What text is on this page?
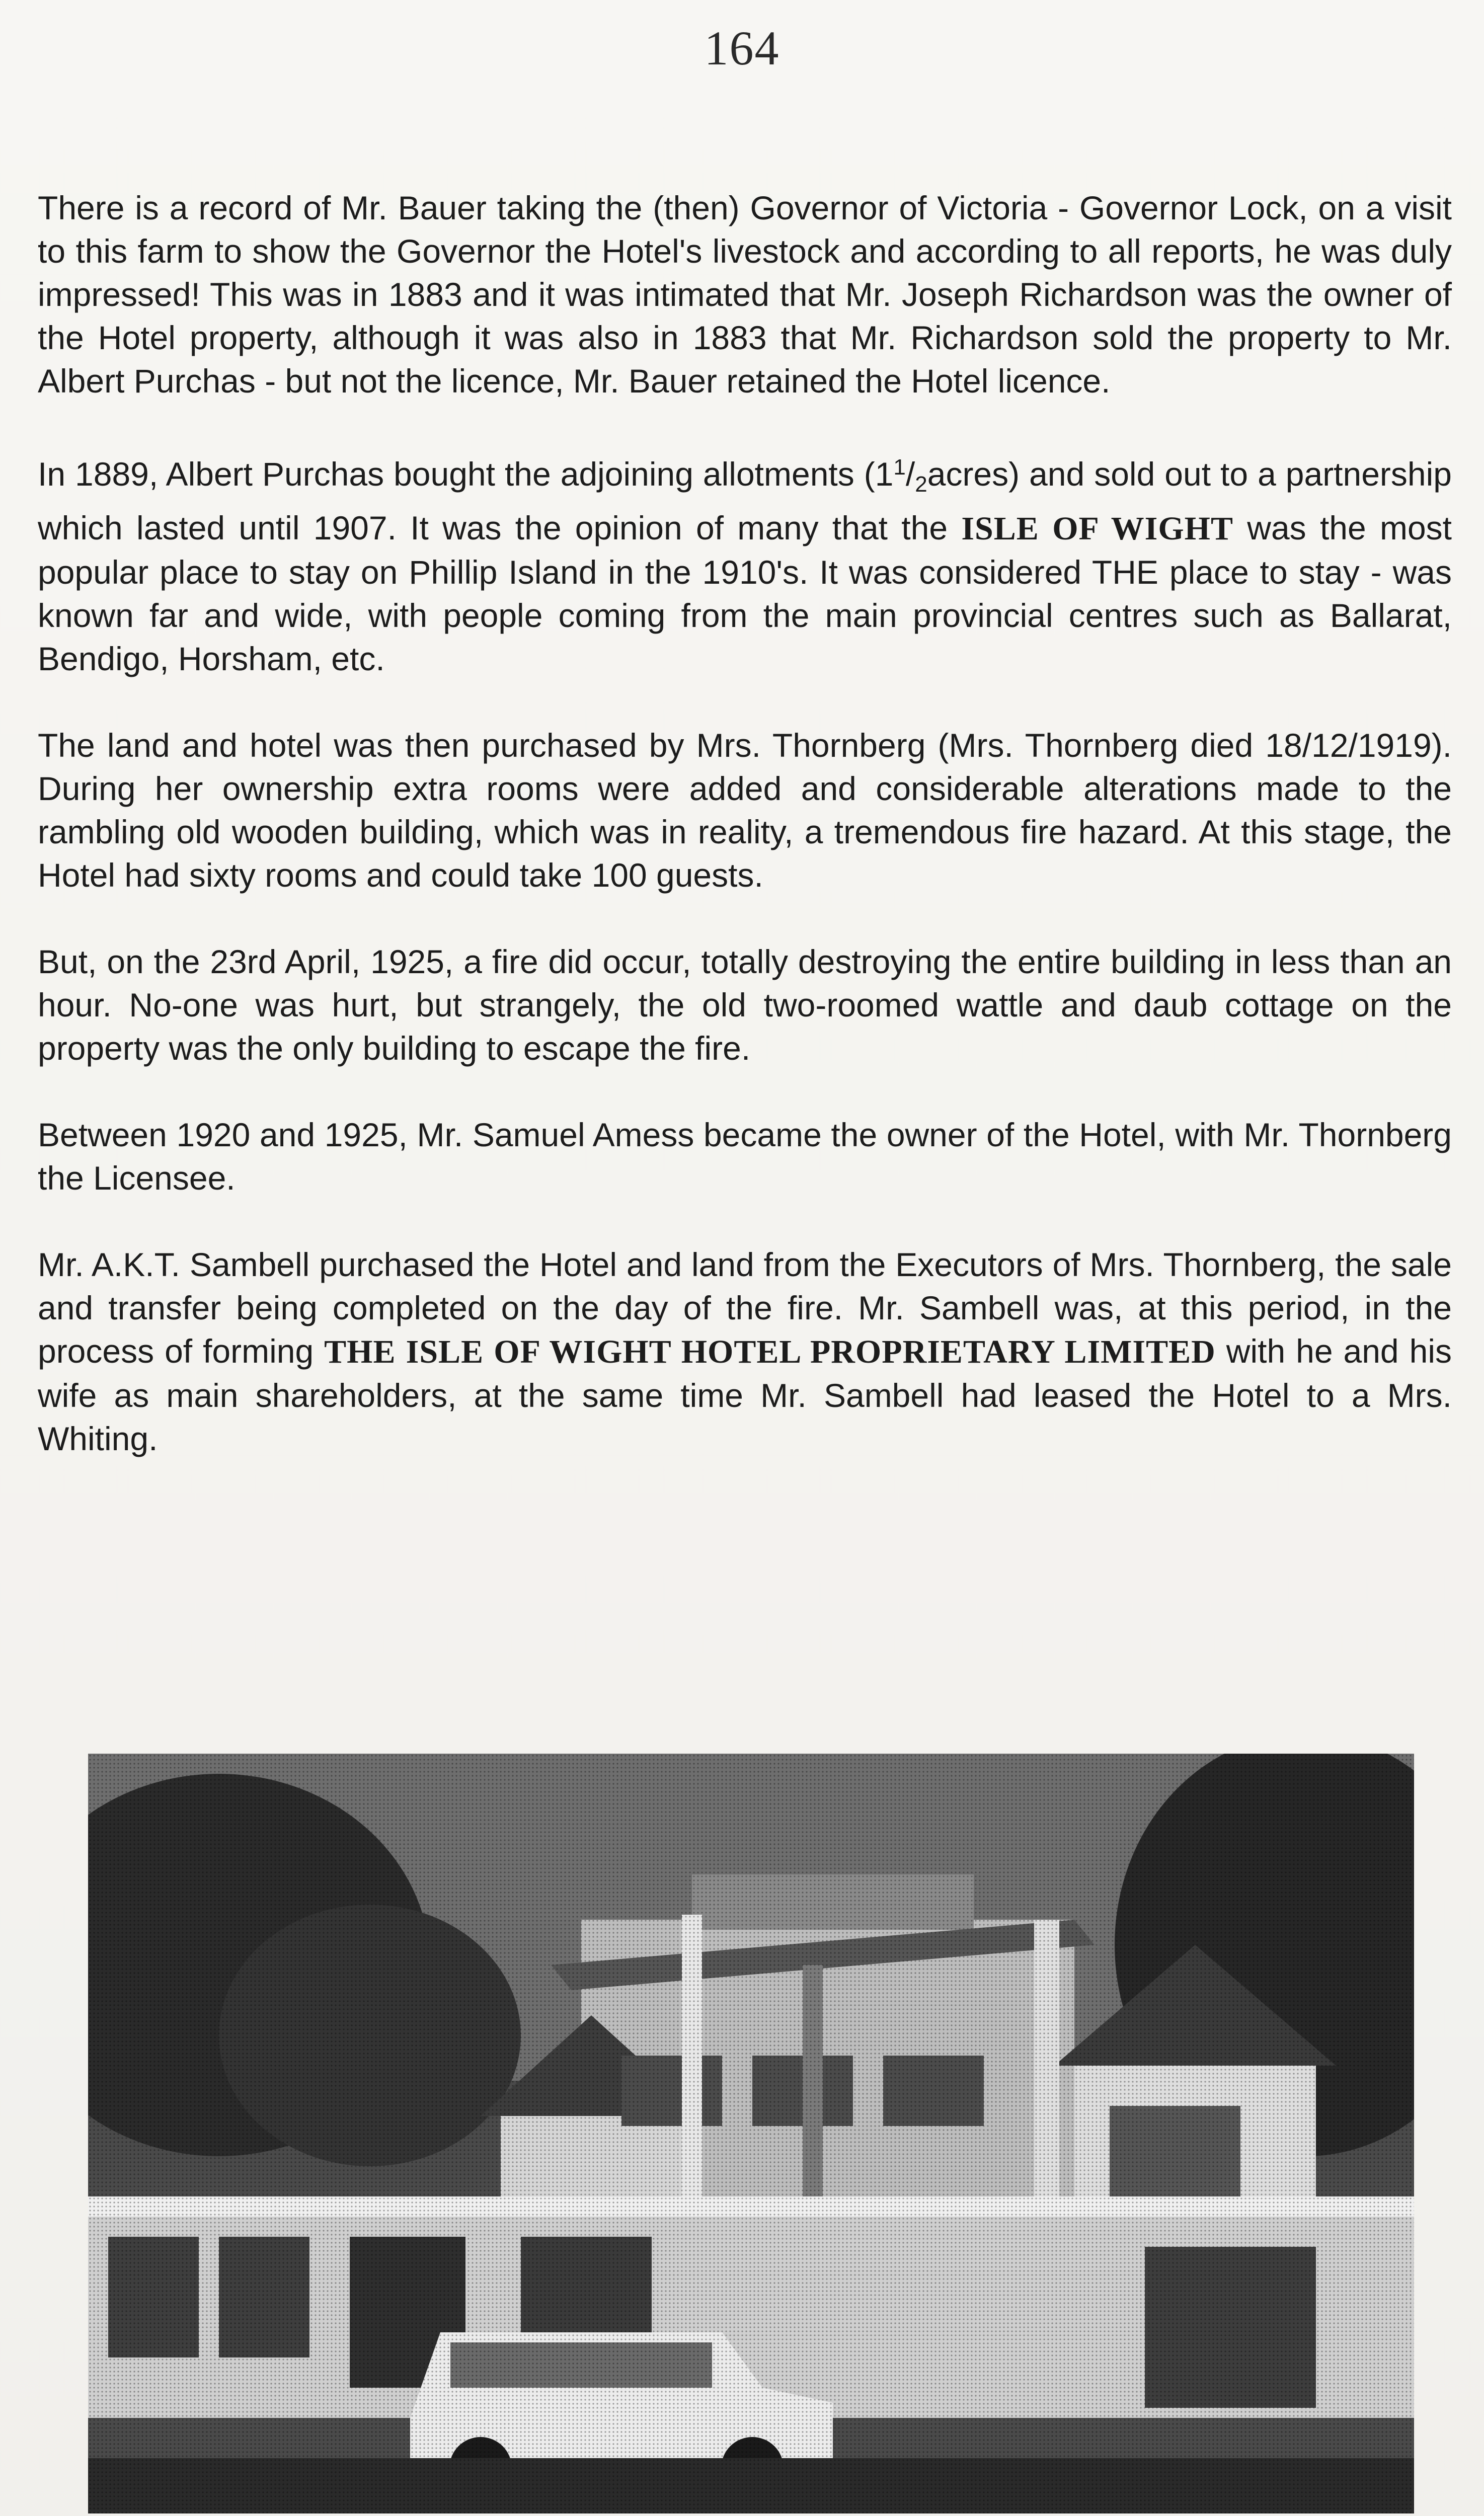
164

There is a record of Mr. Bauer taking the (then) Governor of Victoria - Governor Lock, on a visit to this farm to show the Governor the Hotel's livestock and according to all reports, he was duly impressed! This was in 1883 and it was intimated that Mr. Joseph Richardson was the owner of the Hotel property, although it was also in 1883 that Mr. Richardson sold the property to Mr. Albert Purchas - but not the licence, Mr. Bauer retained the Hotel licence.

In 1889, Albert Purchas bought the adjoining allotments $(1^1/_2acres)$ and sold out to a partnership which lasted until 1907. It was the opinion of many that the ISLE OF WIGHT was the most popular place to stay on Phillip Island in the 1910's. It was considered THE place to stay - was known far and wide, with people coming from the main provincial centres such as Ballarat, Bendigo, Horsham, etc.

The land and hotel was then purchased by Mrs. Thornberg (Mrs. Thornberg died 18/12/1919). During her ownership extra rooms were added and considerable alterations made to the rambling old wooden building, which was in reality, a tremendous fire hazard. At this stage, the Hotel had sixty rooms and could take 100 guests.

But, on the 23rd April, 1925, a fire did occur, totally destroying the entire building in less than an hour. No-one was hurt, but strangely, the old two-roomed wattle and daub cottage on the property was the only building to escape the fire.

Between 1920 and 1925, Mr. Samuel Amess became the owner of the Hotel, with Mr. Thornberg the Licensee.

Mr. A.K.T. Sambell purchased the Hotel and land from the Executors of Mrs. Thornberg, the sale and transfer being completed on the day of the fire. Mr. Sambell was, at this period, in the process of forming THE ISLE OF WIGHT HOTEL PROPRIETARY LIMITED with he and his wife as main shareholders, at the same time Mr. Sambell had leased the Hotel to a Mrs. Whiting.
